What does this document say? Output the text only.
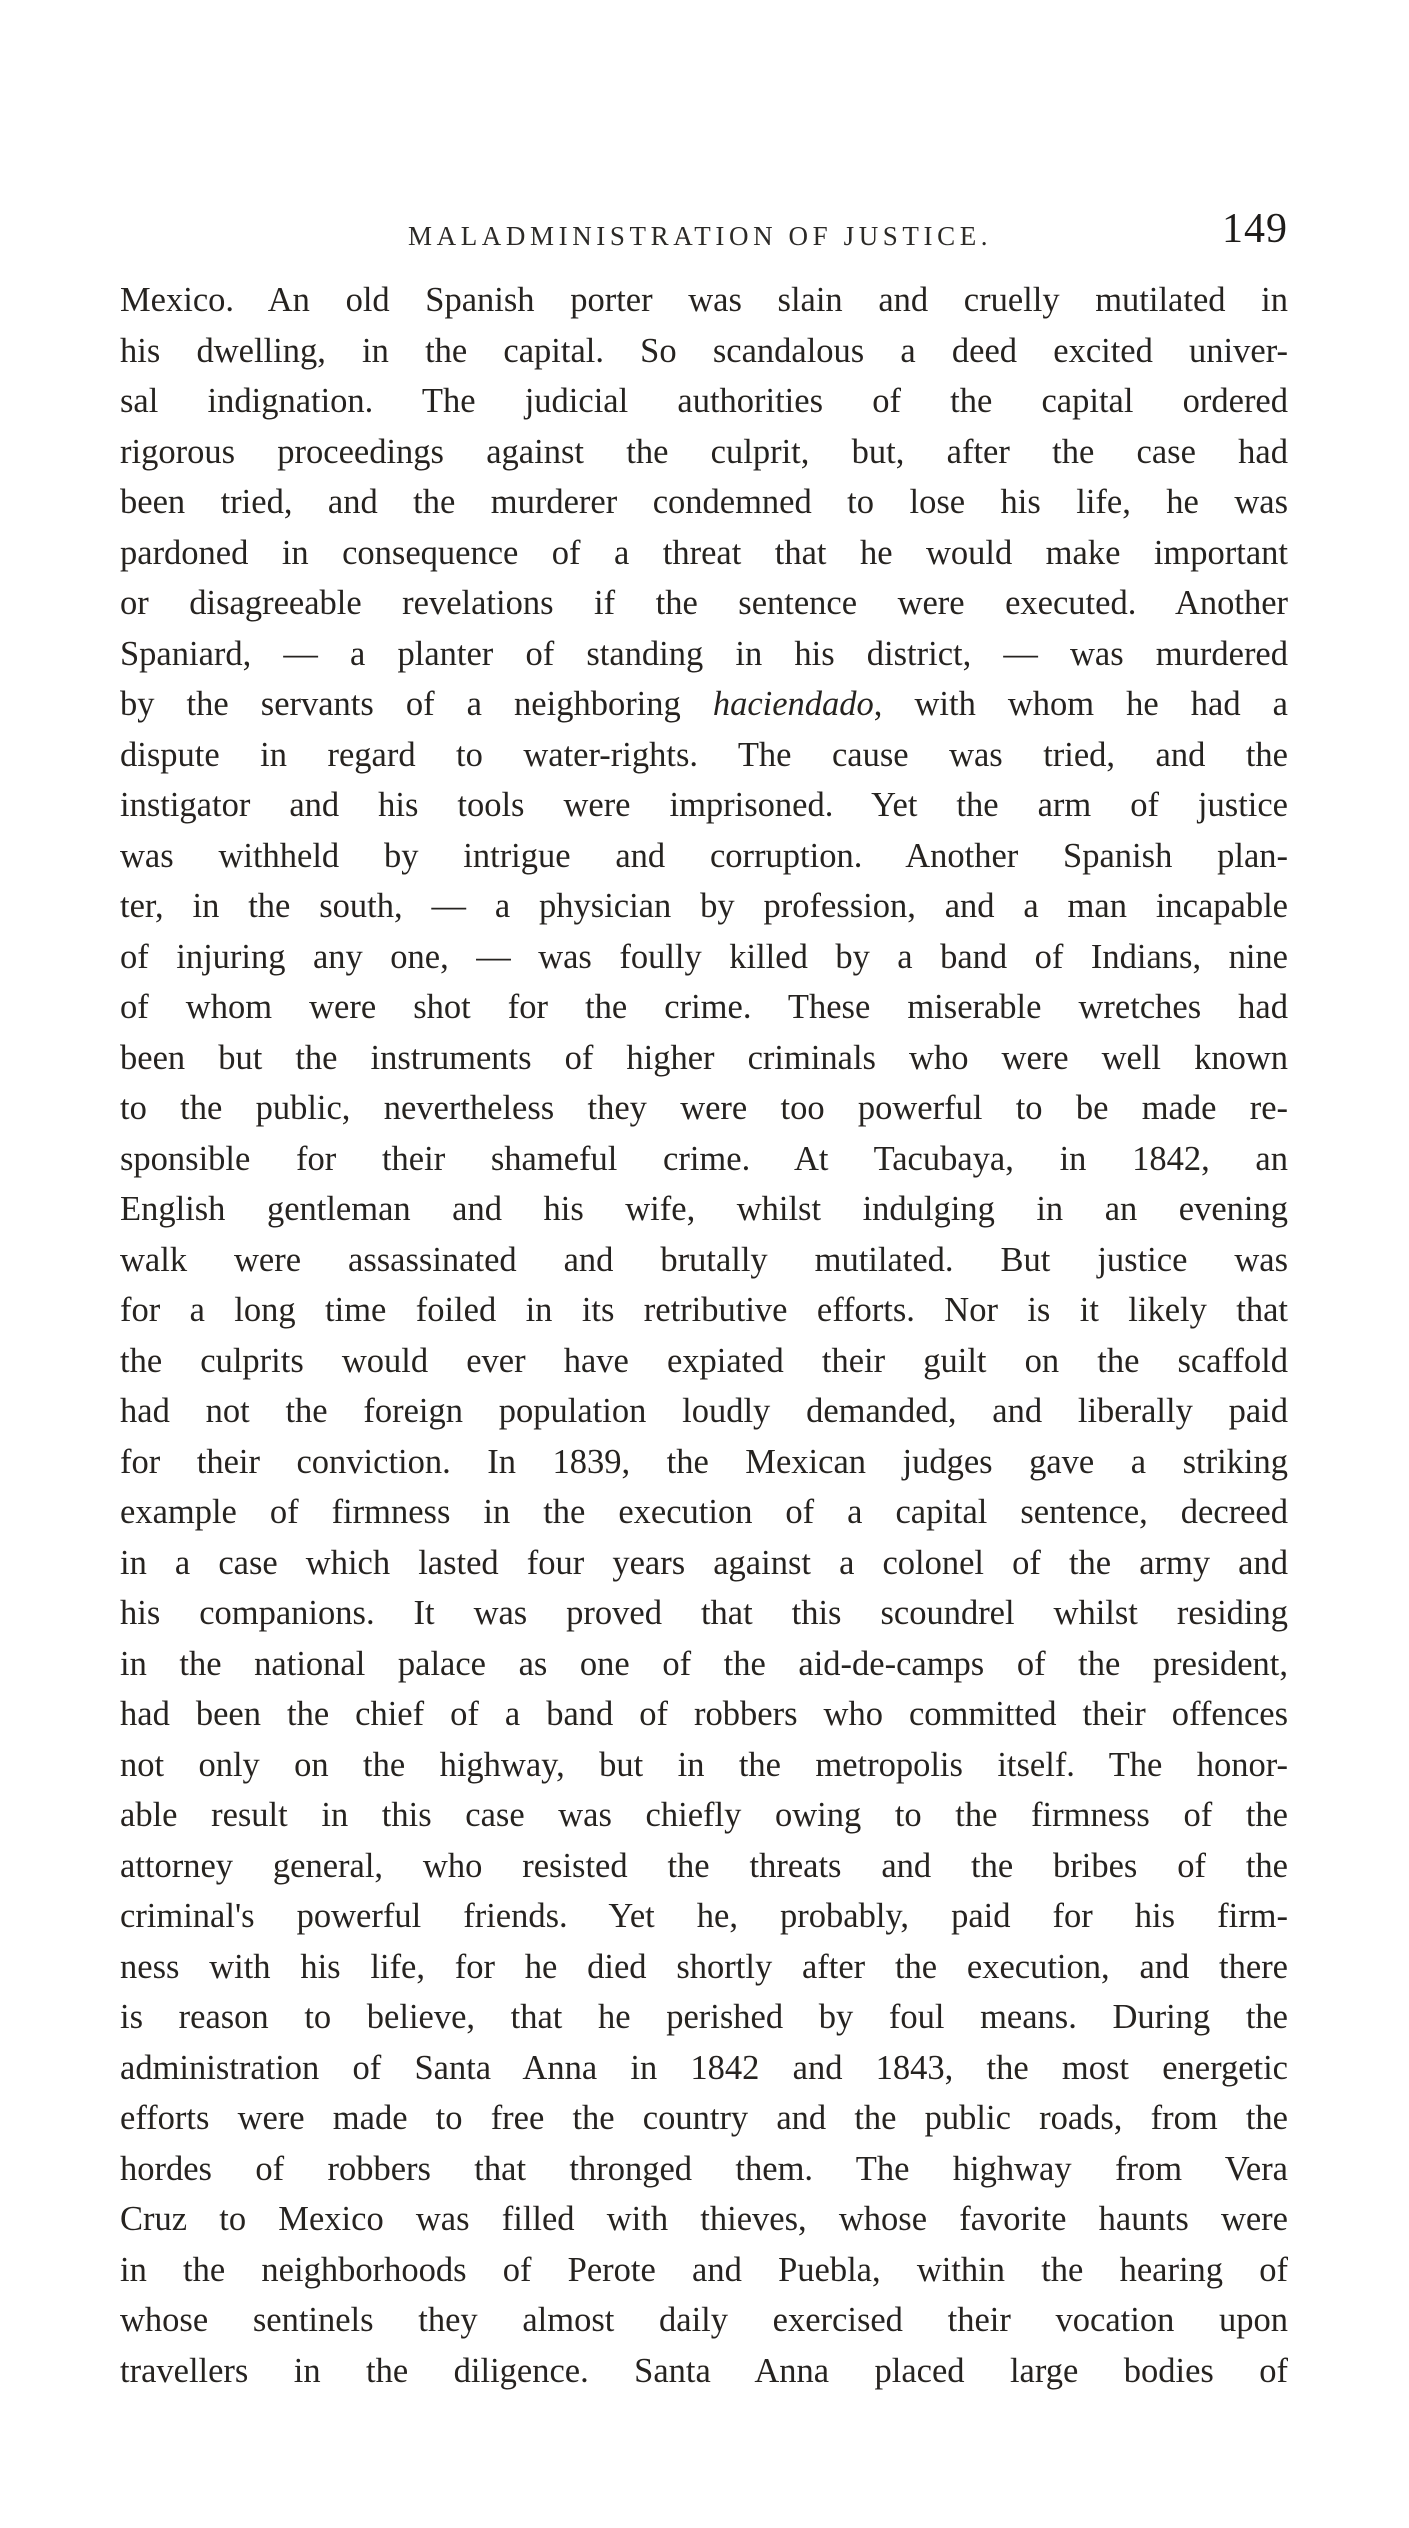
MALADMINISTRATION OF JUSTICE.	149
Mexico. An old Spanish porter was slain and cruelly mutilated in
his dwelling, in the capital. So scandalous a deed excited univer-
sal indignation. The judicial authorities of the capital ordered
rigorous proceedings against the culprit, but, after the case had
been tried, and the murderer condemned to lose his life, he was
pardoned in consequence of a threat that he would make important
or disagreeable revelations if the sentence were executed. Another
Spaniard, — a planter of standing in his district, — was murdered
by the servants of a neighboring haciendado, with whom he had a
dispute in regard to water-rights. The cause was tried, and the
instigator and his tools were imprisoned. Yet the arm of justice
was withheld by intrigue and corruption. Another Spanish plan-
ter, in the south, — a physician by profession, and a man incapable
of injuring any one, — was foully killed by a band of Indians, nine
of whom were shot for the crime. These miserable wretches had
been but the instruments of higher criminals who were well known
to the public, nevertheless they were too powerful to be made re-
sponsible for their shameful crime. At Tacubaya, in 1842, an
English gentleman and his wife, whilst indulging in an evening
walk were assassinated and brutally mutilated. But justice was
for a long time foiled in its retributive efforts. Nor is it likely that
the culprits would ever have expiated their guilt on the scaffold
had not the foreign population loudly demanded, and liberally paid
for their conviction. In 1839, the Mexican judges gave a striking
example of firmness in the execution of a capital sentence, decreed
in a case which lasted four years against a colonel of the army and
his companions. It was proved that this scoundrel whilst residing
in the national palace as one of the aid-de-camps of the president,
had been the chief of a band of robbers who committed their offences
not only on the highway, but in the metropolis itself. The honor-
able result in this case was chiefly owing to the firmness of the
attorney general, who resisted the threats and the bribes of the
criminal's powerful friends. Yet he, probably, paid for his firm-
ness with his life, for he died shortly after the execution, and there
is reason to believe, that he perished by foul means. During the
administration of Santa Anna in 1842 and 1843, the most energetic
efforts were made to free the country and the public roads, from the
hordes of robbers that thronged them. The highway from Vera
Cruz to Mexico was filled with thieves, whose favorite haunts were
in the neighborhoods of Perote and Puebla, within the hearing of
whose sentinels they almost daily exercised their vocation upon
travellers in the diligence. Santa Anna placed large bodies of
